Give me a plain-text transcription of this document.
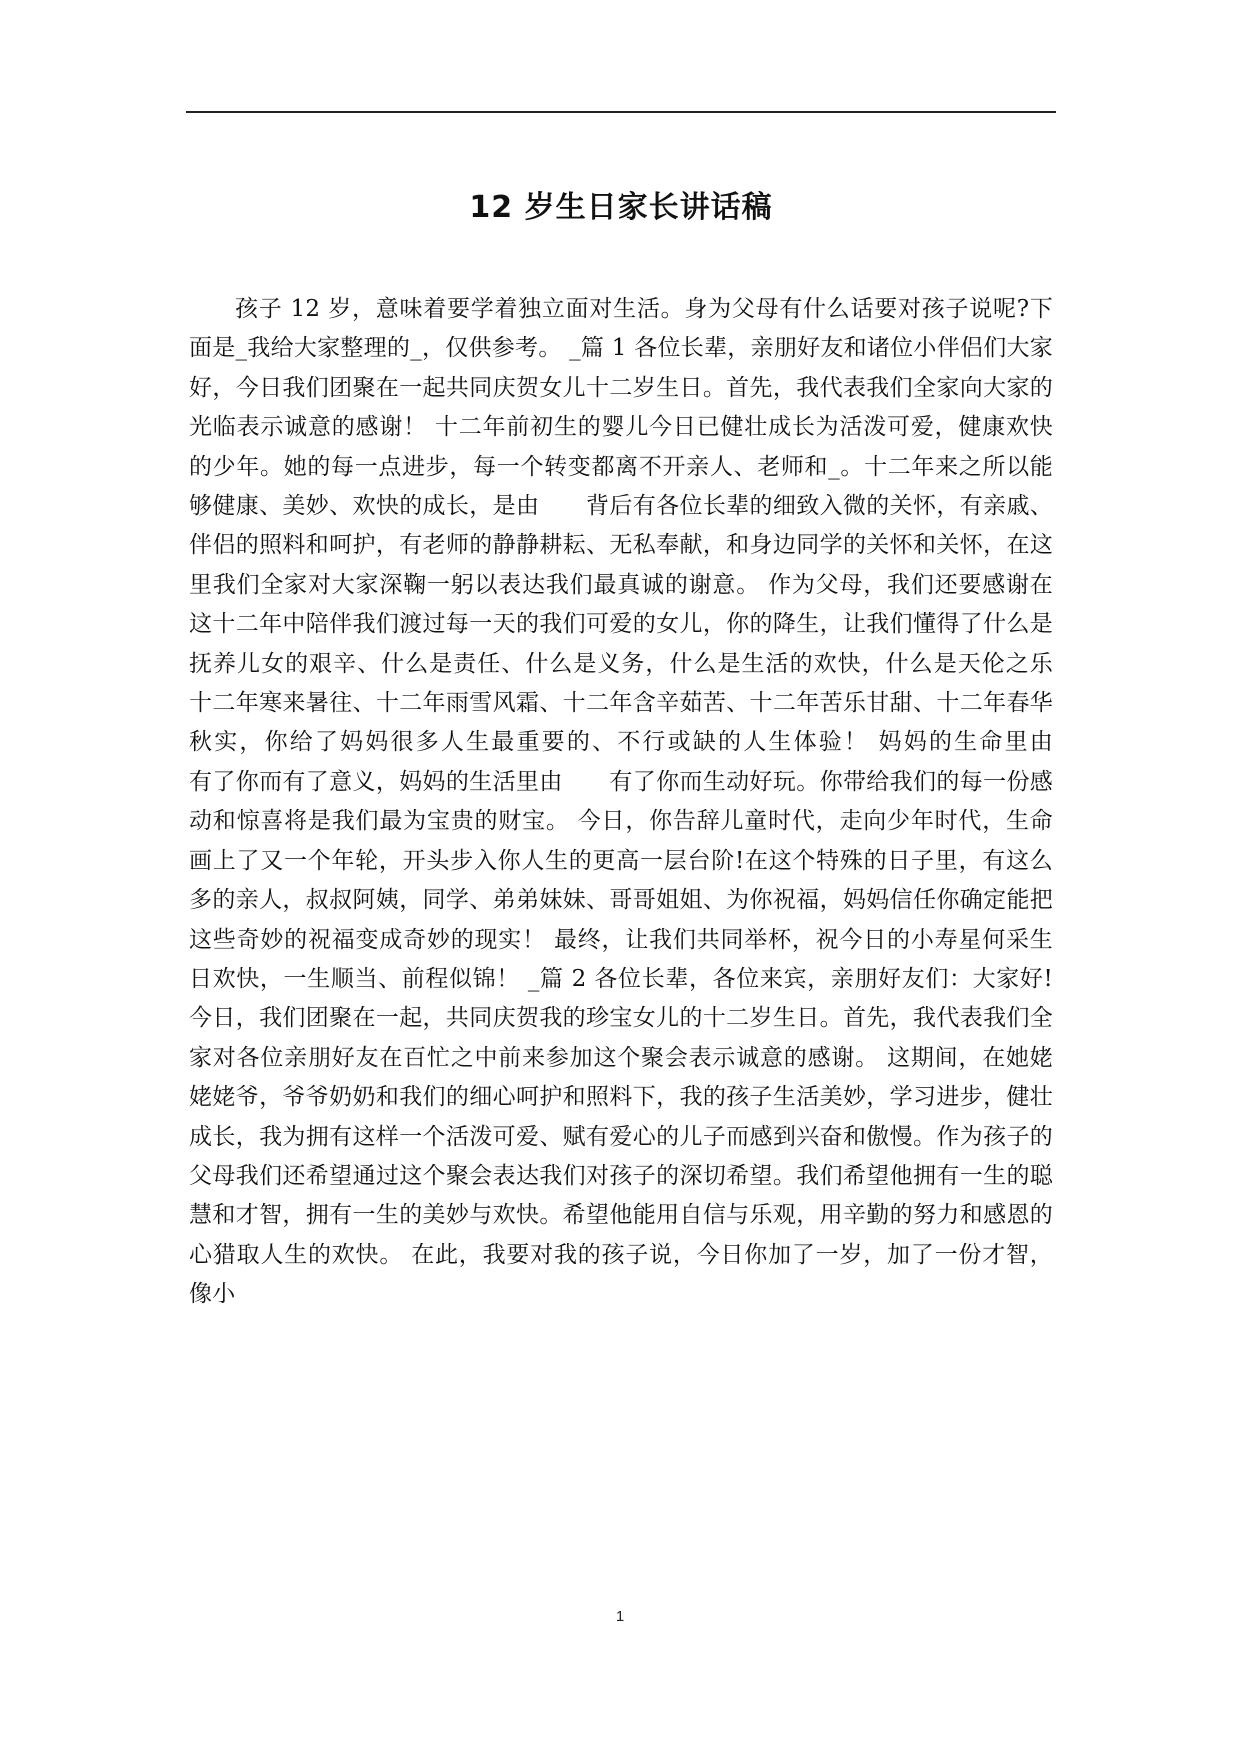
12 岁生日家长讲话稿

孩子 12 岁，意味着要学着独立面对生活。身为父母有什么话要对孩子说呢?下面是_我给大家整理的_，仅供参考。 _篇 1 各位长辈，亲朋好友和诸位小伴侣们大家好，今日我们团聚在一起共同庆贺女儿十二岁生日。首先，我代表我们全家向大家的光临表示诚意的感谢！ 十二年前初生的婴儿今日已健壮成长为活泼可爱，健康欢快的少年。她的每一点进步，每一个转变都离不开亲人、老师和_。十二年来之所以能够健康、美妙、欢快的成长，是由　　背后有各位长辈的细致入微的关怀，有亲戚、伴侣的照料和呵护，有老师的静静耕耘、无私奉献，和身边同学的关怀和关怀，在这里我们全家对大家深鞠一躬以表达我们最真诚的谢意。 作为父母，我们还要感谢在这十二年中陪伴我们渡过每一天的我们可爱的女儿，你的降生，让我们懂得了什么是抚养儿女的艰辛、什么是责任、什么是义务，什么是生活的欢快，什么是天伦之乐 十二年寒来暑往、十二年雨雪风霜、十二年含辛茹苦、十二年苦乐甘甜、十二年春华秋实，你给了妈妈很多人生最重要的、不行或缺的人生体验！ 妈妈的生命里由　　有了你而有了意义，妈妈的生活里由　　有了你而生动好玩。你带给我们的每一份感动和惊喜将是我们最为宝贵的财宝。 今日，你告辞儿童时代，走向少年时代，生命画上了又一个年轮，开头步入你人生的更高一层台阶!在这个特殊的日子里，有这么多的亲人，叔叔阿姨，同学、弟弟妹妹、哥哥姐姐、为你祝福，妈妈信任你确定能把这些奇妙的祝福变成奇妙的现实！ 最终，让我们共同举杯，祝今日的小寿星何采生日欢快，一生顺当、前程似锦！ _篇 2 各位长辈，各位来宾，亲朋好友们：大家好!今日，我们团聚在一起，共同庆贺我的珍宝女儿的十二岁生日。首先，我代表我们全家对各位亲朋好友在百忙之中前来参加这个聚会表示诚意的感谢。 这期间，在她姥姥姥爷，爷爷奶奶和我们的细心呵护和照料下，我的孩子生活美妙，学习进步，健壮成长，我为拥有这样一个活泼可爱、赋有爱心的儿子而感到兴奋和傲慢。作为孩子的父母我们还希望通过这个聚会表达我们对孩子的深切希望。我们希望他拥有一生的聪慧和才智，拥有一生的美妙与欢快。希望他能用自信与乐观，用辛勤的努力和感恩的心猎取人生的欢快。 在此，我要对我的孩子说，今日你加了一岁，加了一份才智，像小

1
